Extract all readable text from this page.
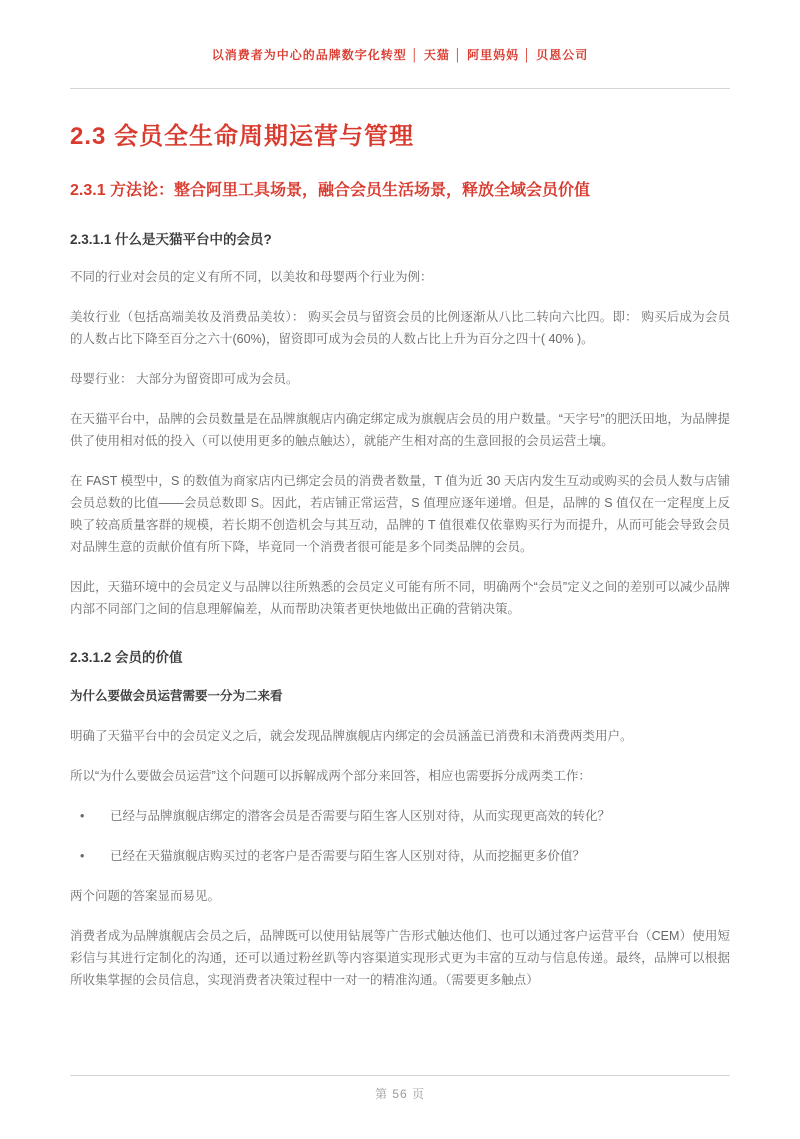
以消费者为中心的品牌数字化转型 │ 天猫 │ 阿里妈妈 │ 贝恩公司
2.3 会员全生命周期运营与管理
2.3.1 方法论：整合阿里工具场景，融合会员生活场景，释放全域会员价值
2.3.1.1 什么是天猫平台中的会员?

不同的行业对会员的定义有所不同，以美妆和母婴两个行业为例：

美妆行业（包括高端美妆及消费品美妆）： 购买会员与留资会员的比例逐渐从八比二转向六比四。即： 购买后成为会员的人数占比下降至百分之六十(60%)，留资即可成为会员的人数占比上升为百分之四十( 40% )。

母婴行业： 大部分为留资即可成为会员。

在天猫平台中，品牌的会员数量是在品牌旗舰店内确定绑定成为旗舰店会员的用户数量。“天字号”的肥沃田地，为品牌提供了使用相对低的投入（可以使用更多的触点触达），就能产生相对高的生意回报的会员运营土壤。

在 FAST 模型中，S 的数值为商家店内已绑定会员的消费者数量，T 值为近 30 天店内发生互动或购买的会员人数与店铺会员总数的比值——会员总数即 S。因此，若店铺正常运营，S 值理应逐年递增。但是，品牌的 S 值仅在一定程度上反映了较高质量客群的规模，若长期不创造机会与其互动，品牌的 T 值很难仅依靠购买行为而提升，从而可能会导致会员对品牌生意的贡献价值有所下降，毕竟同一个消费者很可能是多个同类品牌的会员。

因此，天猫环境中的会员定义与品牌以往所熟悉的会员定义可能有所不同，明确两个“会员”定义之间的差别可以减少品牌内部不同部门之间的信息理解偏差，从而帮助决策者更快地做出正确的营销决策。

2.3.1.2 会员的价值

为什么要做会员运营需要一分为二来看

明确了天猫平台中的会员定义之后，就会发现品牌旗舰店内绑定的会员涵盖已消费和未消费两类用户。

所以“为什么要做会员运营”这个问题可以拆解成两个部分来回答，相应也需要拆分成两类工作：

•	已经与品牌旗舰店绑定的潜客会员是否需要与陌生客人区别对待，从而实现更高效的转化？
•	已经在天猫旗舰店购买过的老客户是否需要与陌生客人区别对待，从而挖掘更多价值？

两个问题的答案显而易见。

消费者成为品牌旗舰店会员之后，品牌既可以使用钻展等广告形式触达他们、也可以通过客户运营平台（CEM）使用短彩信与其进行定制化的沟通，还可以通过粉丝趴等内容渠道实现形式更为丰富的互动与信息传递。最终，品牌可以根据所收集掌握的会员信息，实现消费者决策过程中一对一的精准沟通。（需要更多触点）

第 56 页
